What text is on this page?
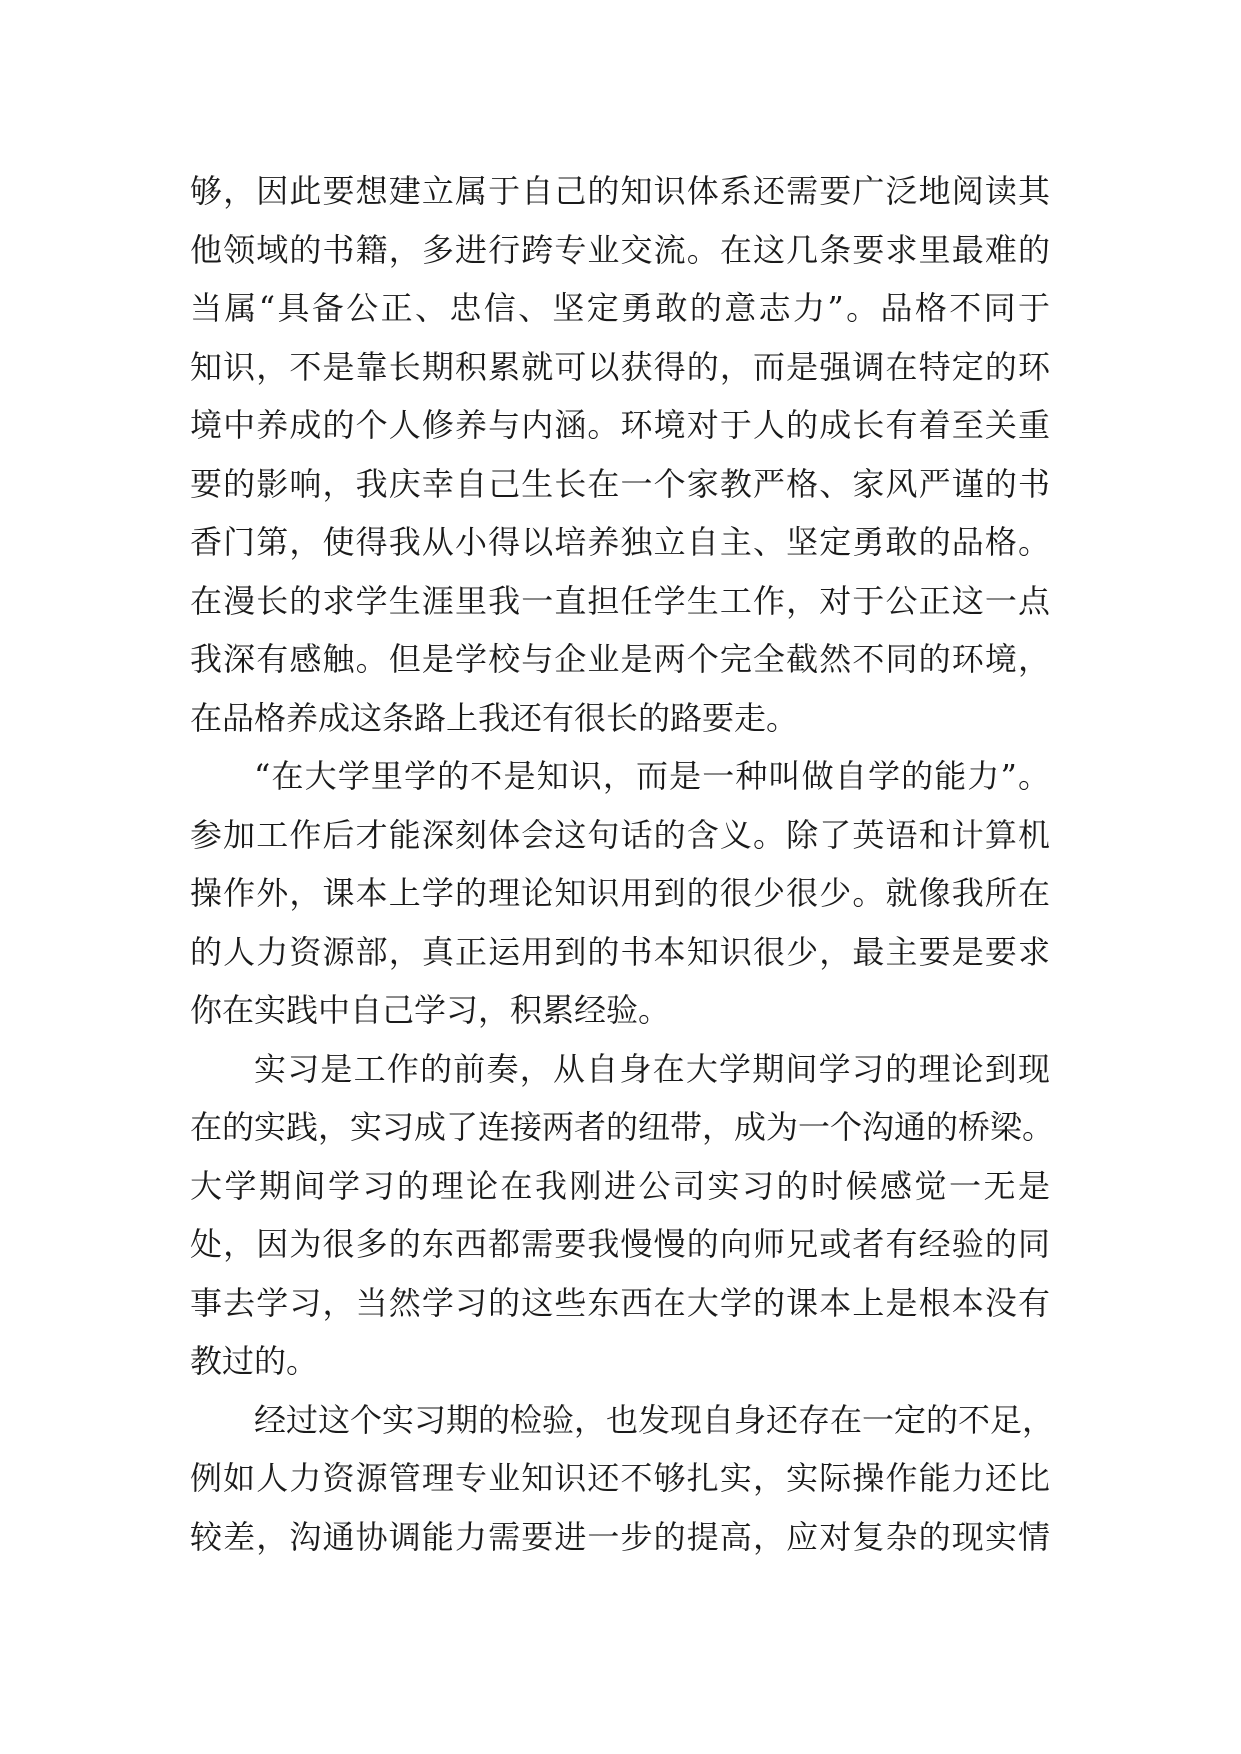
够，因此要想建立属于自己的知识体系还需要广泛地阅读其
他领域的书籍，多进行跨专业交流。在这几条要求里最难的
当属“具备公正、忠信、坚定勇敢的意志力”。品格不同于
知识，不是靠长期积累就可以获得的，而是强调在特定的环
境中养成的个人修养与内涵。环境对于人的成长有着至关重
要的影响，我庆幸自己生长在一个家教严格、家风严谨的书
香门第，使得我从小得以培养独立自主、坚定勇敢的品格。
在漫长的求学生涯里我一直担任学生工作，对于公正这一点
我深有感触。但是学校与企业是两个完全截然不同的环境，
在品格养成这条路上我还有很长的路要走。
“在大学里学的不是知识，而是一种叫做自学的能力”。
参加工作后才能深刻体会这句话的含义。除了英语和计算机
操作外，课本上学的理论知识用到的很少很少。就像我所在
的人力资源部，真正运用到的书本知识很少，最主要是要求
你在实践中自己学习，积累经验。
实习是工作的前奏，从自身在大学期间学习的理论到现
在的实践，实习成了连接两者的纽带，成为一个沟通的桥梁。
大学期间学习的理论在我刚进公司实习的时候感觉一无是
处，因为很多的东西都需要我慢慢的向师兄或者有经验的同
事去学习，当然学习的这些东西在大学的课本上是根本没有
教过的。
经过这个实习期的检验，也发现自身还存在一定的不足，
例如人力资源管理专业知识还不够扎实，实际操作能力还比
较差，沟通协调能力需要进一步的提高，应对复杂的现实情
